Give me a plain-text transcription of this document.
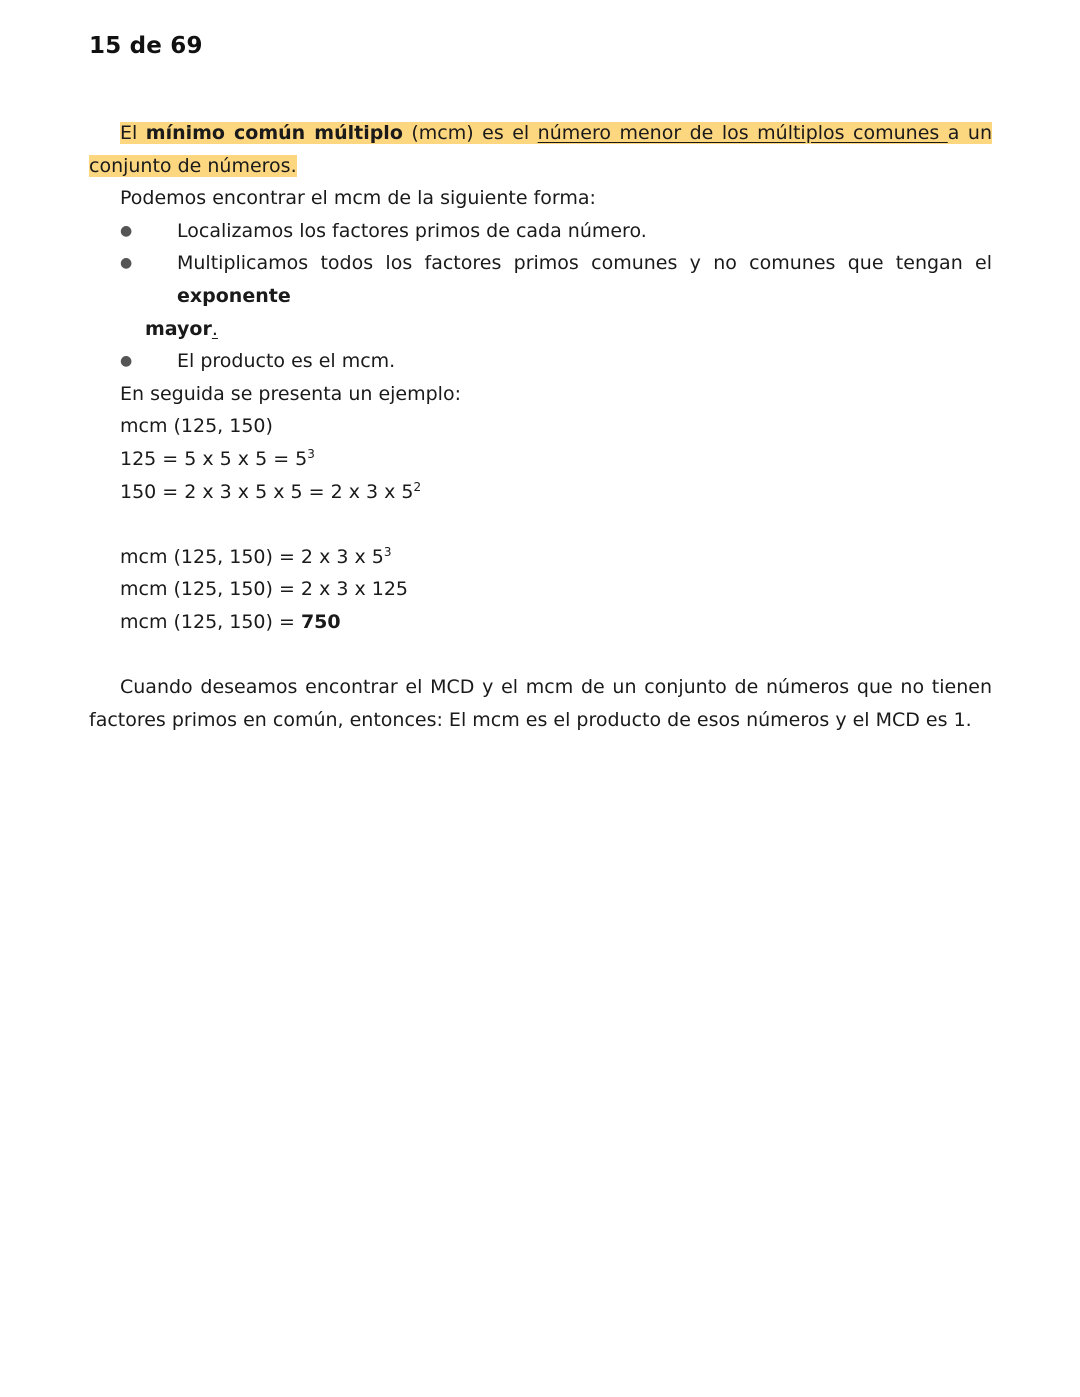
15 de 69

El mínimo común múltiplo (mcm) es el número menor de los múltiplos comunes a un conjunto de números.

Podemos encontrar el mcm de la siguiente forma:
● Localizamos los factores primos de cada número.
●	Multiplicamos todos los factores primos comunes y no comunes que tengan el exponente
mayor.
● El producto es el mcm.
En seguida se presenta un ejemplo:
mcm (125, 150)
125 = 5 x 5 x $5 = 5^3$
150 = 2 x 3 x 5 x 5 = 2 x 3 x $5^2$
mcm (125, 150) = 2 x 3 x $5^3$
mcm (125, 150) = 2 x 3 x 125
mcm (125, 150) = 750

Cuando deseamos encontrar el MCD y el mcm de un conjunto de números que no tienen factores primos en común, entonces: El mcm es el producto de esos números y el MCD es 1.
